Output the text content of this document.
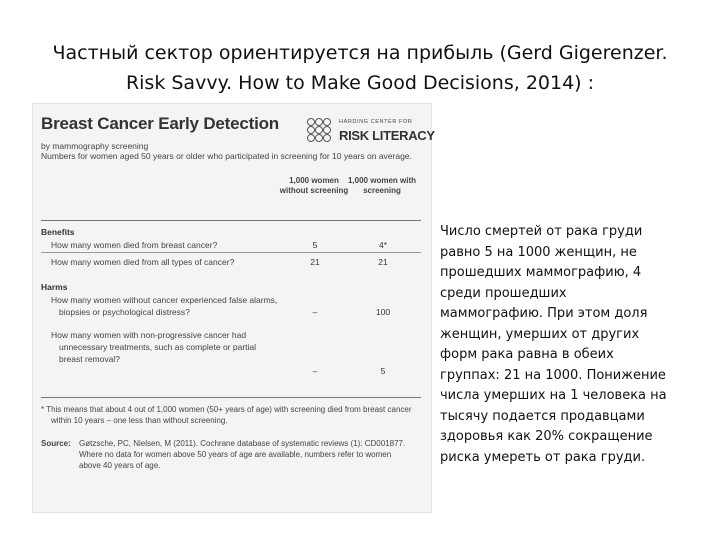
Частный сектор ориентируется на прибыль (Gerd Gigerenzer.
Risk Savvy. How to Make Good Decisions, 2014) :
Breast Cancer Early Detection
by mammography screening
Numbers for women aged 50 years or older who participated in screening for 10 years on average.
HARDING CENTER FOR
RISK LITERACY
1,000 women without screening
1,000 women with screening
Benefits
How many women died from breast cancer?	5	4*
How many women died from all types of cancer?	21	21
Harms
How many women without cancer experienced false alarms,
biopsies or psychological distress?	–	100
How many women with non-progressive cancer had
unnecessary treatments, such as complete or partial
breast removal?
–	5
* This means that about 4 out of 1,000 women (50+ years of age) with screening died from breast cancer
within 10 years – one less than without screening.
Source: Gøtzsche, PC, Nielsen, M (2011). Cochrane database of systematic reviews (1): CD001877.
Where no data for women above 50 years of age are available, numbers refer to women
above 40 years of age.
Число смертей от рака груди
равно 5 на 1000 женщин, не
прошедших маммографию, 4
среди прошедших
маммографию. При этом доля
женщин, умерших от других
форм рака равна в обеих
группах: 21 на 1000. Понижение
числа умерших на 1 человека на
тысячу подается продавцами
здоровья как 20% сокращение
риска умереть от рака груди.
